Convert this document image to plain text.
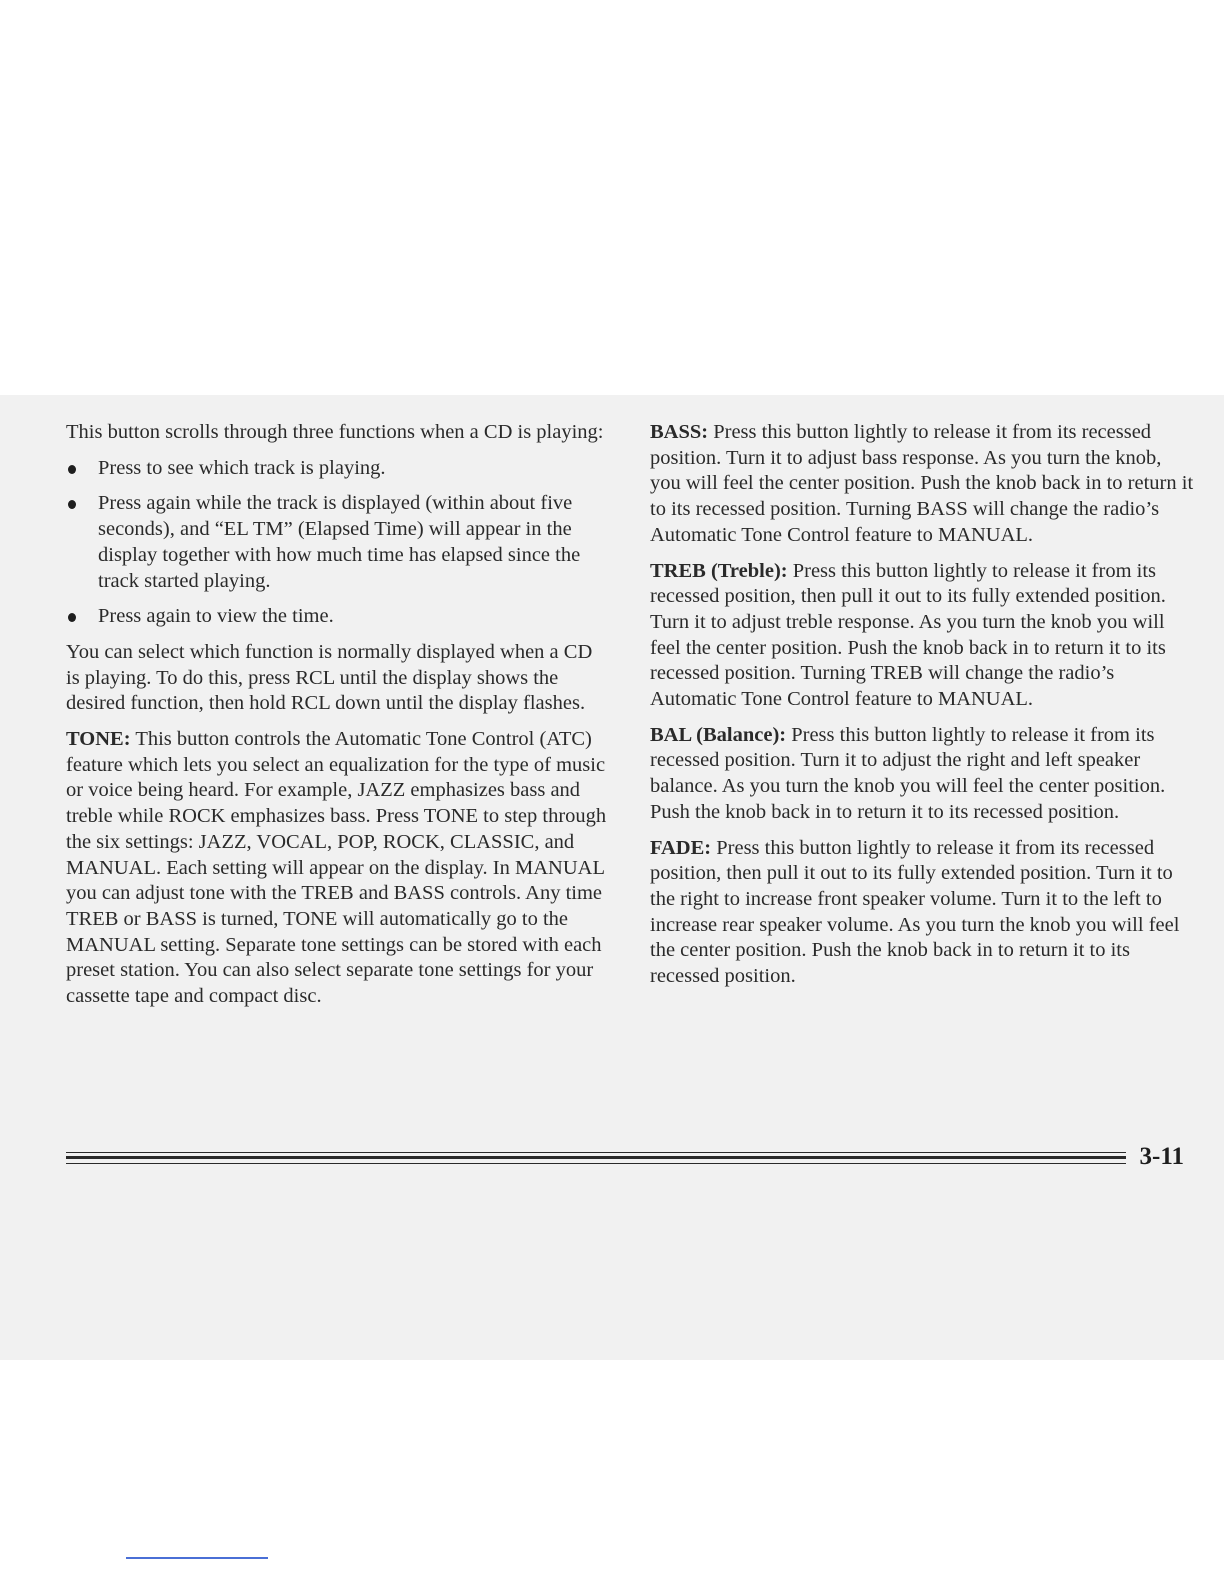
This button scrolls through three functions when a CD is playing:

Press to see which track is playing.
Press again while the track is displayed (within about five seconds), and “EL TM” (Elapsed Time) will appear in the display together with how much time has elapsed since the track started playing.
Press again to view the time.

You can select which function is normally displayed when a CD is playing. To do this, press RCL until the display shows the desired function, then hold RCL down until the display flashes.

TONE: This button controls the Automatic Tone Control (ATC) feature which lets you select an equalization for the type of music or voice being heard. For example, JAZZ emphasizes bass and treble while ROCK emphasizes bass. Press TONE to step through the six settings: JAZZ, VOCAL, POP, ROCK, CLASSIC, and MANUAL. Each setting will appear on the display. In MANUAL you can adjust tone with the TREB and BASS controls. Any time TREB or BASS is turned, TONE will automatically go to the MANUAL setting. Separate tone settings can be stored with each preset station. You can also select separate tone settings for your cassette tape and compact disc.

BASS: Press this button lightly to release it from its recessed position. Turn it to adjust bass response. As you turn the knob, you will feel the center position. Push the knob back in to return it to its recessed position. Turning BASS will change the radio’s Automatic Tone Control feature to MANUAL.

TREB (Treble): Press this button lightly to release it from its recessed position, then pull it out to its fully extended position. Turn it to adjust treble response. As you turn the knob you will feel the center position. Push the knob back in to return it to its recessed position. Turning TREB will change the radio’s Automatic Tone Control feature to MANUAL.

BAL (Balance): Press this button lightly to release it from its recessed position. Turn it to adjust the right and left speaker balance. As you turn the knob you will feel the center position. Push the knob back in to return it to its recessed position.

FADE: Press this button lightly to release it from its recessed position, then pull it out to its fully extended position. Turn it to the right to increase front speaker volume. Turn it to the left to increase rear speaker volume. As you turn the knob you will feel the center position. Push the knob back in to return it to its recessed position.

3-11
